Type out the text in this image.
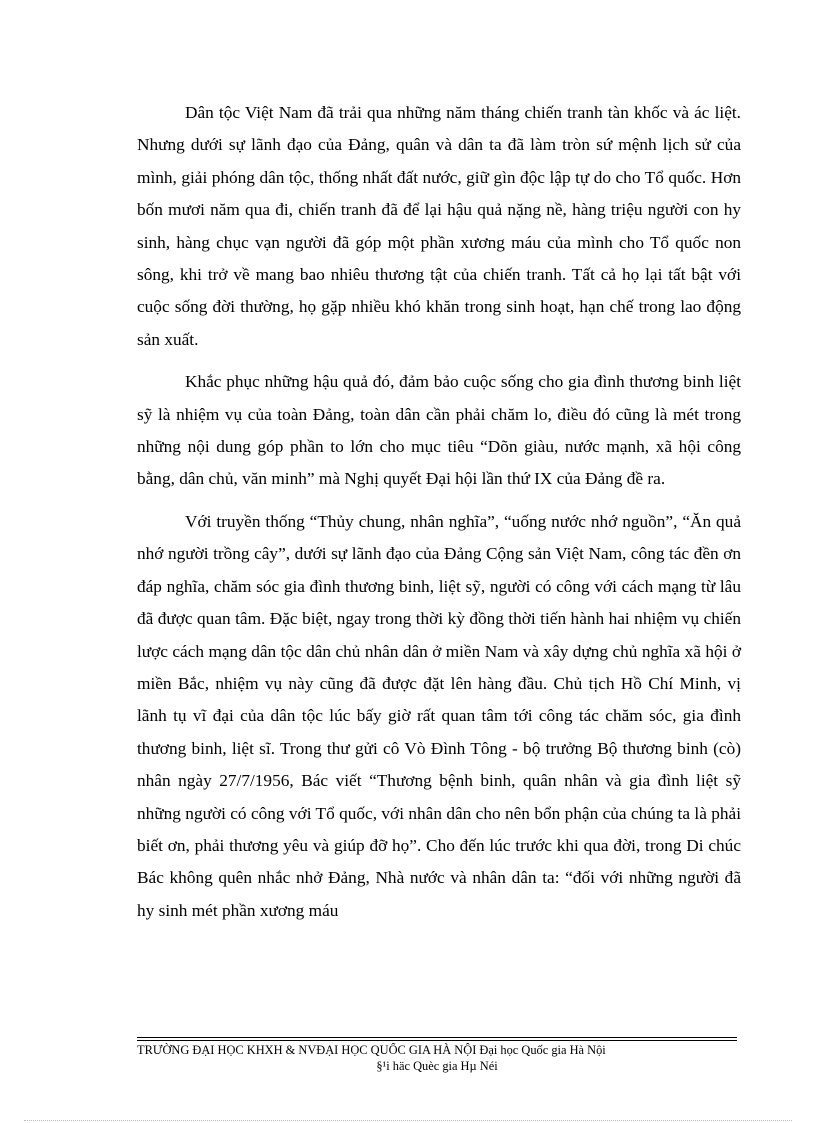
Dân tộc Việt Nam đã trải qua những năm tháng chiến tranh tàn khốc và ác liệt. Nhưng dưới sự lãnh đạo của Đảng, quân và dân ta đã làm tròn sứ mệnh lịch sử của mình, giải phóng dân tộc, thống nhất đất nước, giữ gìn độc lập tự do cho Tổ quốc. Hơn bốn mươi năm qua đi, chiến tranh đã để lại hậu quả nặng nề, hàng triệu người con hy sinh, hàng chục vạn người đã góp một phần xương máu của mình cho Tổ quốc non sông, khi trở về mang bao nhiêu thương tật của chiến tranh. Tất cả họ lại tất bật với cuộc sống đời thường, họ gặp nhiều khó khăn trong sinh hoạt, hạn chế trong lao động sản xuất.

Khắc phục những hậu quả đó, đảm bảo cuộc sống cho gia đình thương binh liệt sỹ là nhiệm vụ của toàn Đảng, toàn dân cần phải chăm lo, điều đó cũng là mét trong những nội dung góp phần to lớn cho mục tiêu “Dõn giàu, nước mạnh, xã hội công bằng, dân chủ, văn minh” mà Nghị quyết Đại hội lần thứ IX của Đảng đề ra.

Với truyền thống “Thủy chung, nhân nghĩa”, “uống nước nhớ nguồn”, “Ăn quả nhớ người trồng cây”, dưới sự lãnh đạo của Đảng Cộng sản Việt Nam, công tác đền ơn đáp nghĩa, chăm sóc gia đình thương binh, liệt sỹ, người có công với cách mạng từ lâu đã được quan tâm. Đặc biệt, ngay trong thời kỳ đồng thời tiến hành hai nhiệm vụ chiến lược cách mạng dân tộc dân chủ nhân dân ở miền Nam và xây dựng chủ nghĩa xã hội ở miền Bắc, nhiệm vụ này cũng đã được đặt lên hàng đầu. Chủ tịch Hồ Chí Minh, vị lãnh tụ vĩ đại của dân tộc lúc bấy giờ rất quan tâm tới công tác chăm sóc, gia đình thương binh, liệt sĩ. Trong thư gửi cô Vò Đình Tông - bộ trưởng Bộ thương binh (cò) nhân ngày 27/7/1956, Bác viết “Thương bệnh binh, quân nhân và gia đình liệt sỹ những người có công với Tổ quốc, với nhân dân cho nên bổn phận của chúng ta là phải biết ơn, phải thương yêu và giúp đỡ họ”. Cho đến lúc trước khi qua đời, trong Di chúc Bác không quên nhắc nhở Đảng, Nhà nước và nhân dân ta: “đối với những người đã hy sinh mét phần xương máu

TRƯỜNG ĐẠI HỌC KHXH & NVĐẠI HỌC QUỐC GIA HÀ NỘI Đại học Quốc gia Hà Nội
§¹i häc Quèc gia Hµ Néi
